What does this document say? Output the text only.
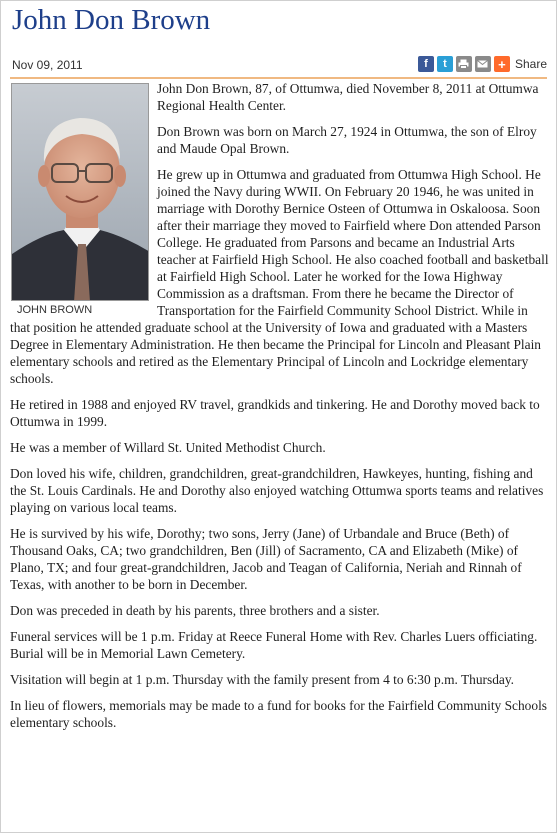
John Don Brown
Nov 09, 2011	f	t	+ Share
JOHN BROWN

John Don Brown, 87, of Ottumwa, died November 8, 2011 at Ottumwa Regional Health Center.

Don Brown was born on March 27, 1924 in Ottumwa, the son of Elroy and Maude Opal Brown.

He grew up in Ottumwa and graduated from Ottumwa High School. He joined the Navy during WWII. On February 20 1946, he was united in marriage with Dorothy Bernice Osteen of Ottumwa in Oskaloosa. Soon after their marriage they moved to Fairfield where Don attended Parson College. He graduated from Parsons and became an Industrial Arts teacher at Fairfield High School. He also coached football and basketball at Fairfield High School. Later he worked for the Iowa Highway Commission as a draftsman. From there he became the Director of Transportation for the Fairfield Community School District. While in that position he attended graduate school at the University of Iowa and graduated with a Masters Degree in Elementary Administration. He then became the Principal for Lincoln and Pleasant Plain elementary schools and retired as the Elementary Principal of Lincoln and Lockridge elementary schools.

He retired in 1988 and enjoyed RV travel, grandkids and tinkering. He and Dorothy moved back to Ottumwa in 1999.

He was a member of Willard St. United Methodist Church.

Don loved his wife, children, grandchildren, great-grandchildren, Hawkeyes, hunting, fishing and the St. Louis Cardinals. He and Dorothy also enjoyed watching Ottumwa sports teams and relatives playing on various local teams.

He is survived by his wife, Dorothy; two sons, Jerry (Jane) of Urbandale and Bruce (Beth) of Thousand Oaks, CA; two grandchildren, Ben (Jill) of Sacramento, CA and Elizabeth (Mike) of Plano, TX; and four great-grandchildren, Jacob and Teagan of California, Neriah and Rinnah of Texas, with another to be born in December.

Don was preceded in death by his parents, three brothers and a sister.

Funeral services will be 1 p.m. Friday at Reece Funeral Home with Rev. Charles Luers officiating. Burial will be in Memorial Lawn Cemetery.

Visitation will begin at 1 p.m. Thursday with the family present from 4 to 6:30 p.m. Thursday.

In lieu of flowers, memorials may be made to a fund for books for the Fairfield Community Schools elementary schools.
